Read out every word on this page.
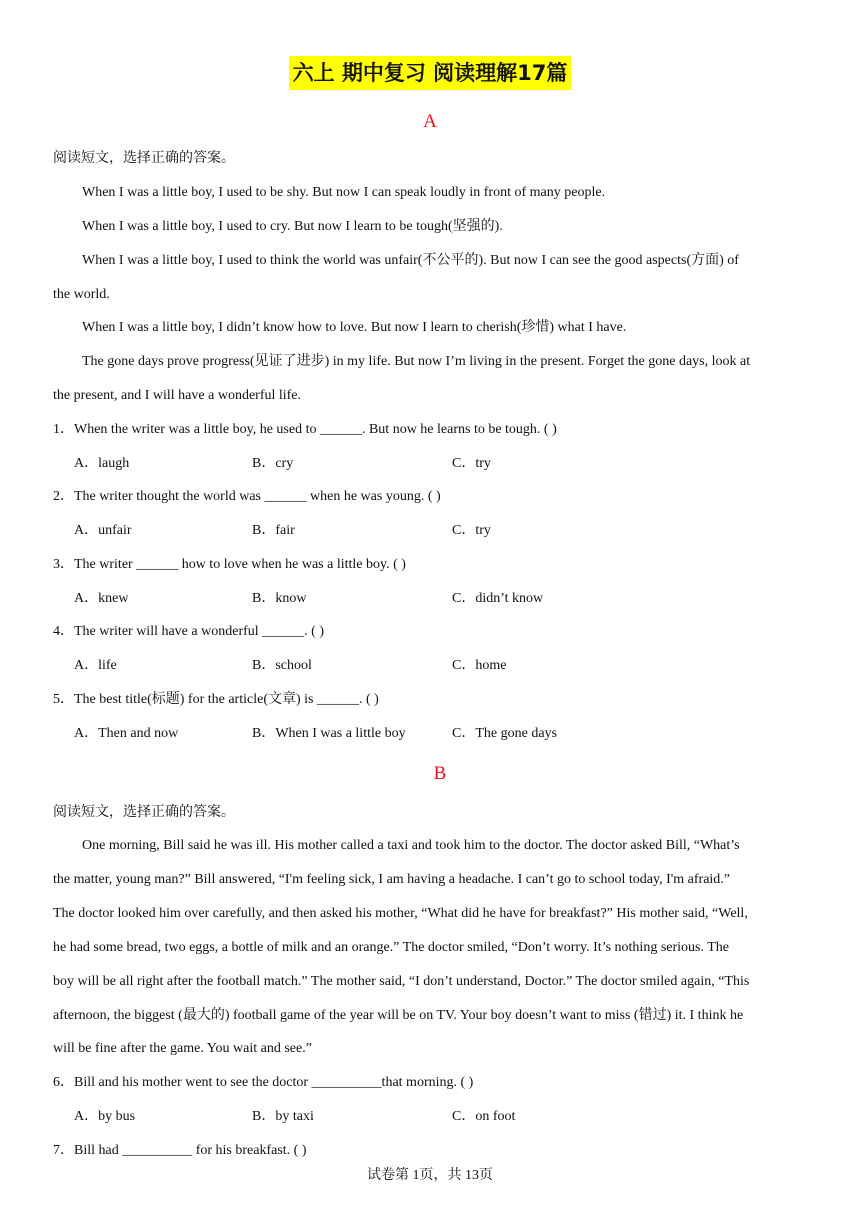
六上 期中复习 阅读理解17篇
A
阅读短文，选择正确的答案。
When I was a little boy, I used to be shy. But now I can speak loudly in front of many people.
When I was a little boy, I used to cry. But now I learn to be tough(坚强的).
When I was a little boy, I used to think the world was unfair(不公平的). But now I can see the good aspects(方面) of
the world.
When I was a little boy, I didn’t know how to love. But now I learn to cherish(珍惜) what I have.
The gone days prove progress(见证了进步) in my life. But now I’m living in the present. Forget the gone days, look at
the present, and I will have a wonderful life.
1．When the writer was a little boy, he used to ______. But now he learns to be tough. ( )
A．laugh	B．cry	C．try
2．The writer thought the world was ______ when he was young. ( )
A．unfair	B．fair	C．try
3．The writer ______ how to love when he was a little boy. ( )
A．knew	B．know	C．didn’t know
4．The writer will have a wonderful ______. ( )
A．life	B．school	C．home
5．The best title(标题) for the article(文章) is ______. ( )
A．Then and now	B．When I was a little boy	C．The gone days
B
阅读短文，选择正确的答案。
One morning, Bill said he was ill. His mother called a taxi and took him to the doctor. The doctor asked Bill, “What’s
the matter, young man?” Bill answered, “I'm feeling sick, I am having a headache. I can’t go to school today, I'm afraid.”
The doctor looked him over carefully, and then asked his mother, “What did he have for breakfast?” His mother said, “Well,
he had some bread, two eggs, a bottle of milk and an orange.” The doctor smiled, “Don’t worry. It’s nothing serious. The
boy will be all right after the football match.” The mother said, “I don’t understand, Doctor.” The doctor smiled again, “This
afternoon, the biggest (最大的) football game of the year will be on TV. Your boy doesn’t want to miss (错过) it. I think he
will be fine after the game. You wait and see.”
6．Bill and his mother went to see the doctor __________that morning. ( )
A．by bus	B．by taxi	C．on foot
7．Bill had __________ for his breakfast. ( )
试卷第 1页，共 13页
